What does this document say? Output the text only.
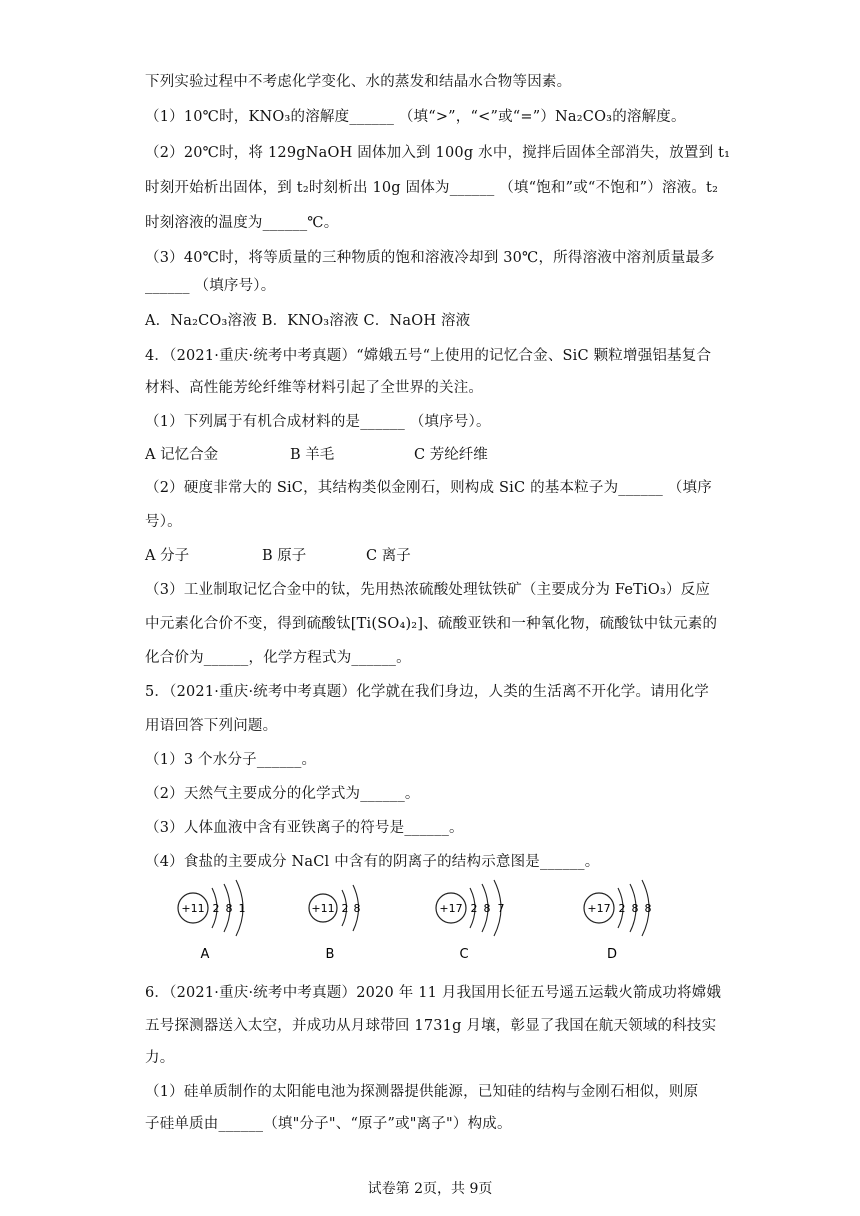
下列实验过程中不考虑化学变化、水的蒸发和结晶水合物等因素。
（1）10℃时，KNO₃的溶解度______ （填“>”，“<”或“=”）Na₂CO₃的溶解度。
（2）20℃时，将 129gNaOH 固体加入到 100g 水中，搅拌后固体全部消失，放置到 t₁
时刻开始析出固体，到 t₂时刻析出 10g 固体为______ （填“饱和”或“不饱和”）溶液。t₂
时刻溶液的温度为______℃。
（3）40℃时，将等质量的三种物质的饱和溶液冷却到 30℃，所得溶液中溶剂质量最多
______ （填序号）。
A．Na₂CO₃溶液 B．KNO₃溶液 C．NaOH 溶液
4．（2021·重庆·统考中考真题）“嫦娥五号“上使用的记忆合金、SiC 颗粒增强铝基复合
材料、高性能芳纶纤维等材料引起了全世界的关注。
（1）下列属于有机合成材料的是______ （填序号）。
A 记忆合金	B 羊毛	C 芳纶纤维
（2）硬度非常大的 SiC，其结构类似金刚石，则构成 SiC 的基本粒子为______ （填序
号）。
A 分子	B 原子	C 离子
（3）工业制取记忆合金中的钛，先用热浓硫酸处理钛铁矿（主要成分为 FeTiO₃）反应
中元素化合价不变，得到硫酸钛[Ti(SO₄)₂]、硫酸亚铁和一种氧化物，硫酸钛中钛元素的
化合价为______，化学方程式为______。
5．（2021·重庆·统考中考真题）化学就在我们身边，人类的生活离不开化学。请用化学
用语回答下列问题。
（1）3 个水分子______。
（2）天然气主要成分的化学式为______。
（3）人体血液中含有亚铁离子的符号是______。
（4）食盐的主要成分 NaCl 中含有的阴离子的结构示意图是______。
+11 2 8 1
A
+11 2 8
B
+17 2 8 7
C
+17 2 8 8
D
6．（2021·重庆·统考中考真题）2020 年 11 月我国用长征五号遥五运载火箭成功将嫦娥
五号探测器送入太空，并成功从月球带回 1731g 月壤，彰显了我国在航天领域的科技实
力。
（1）硅单质制作的太阳能电池为探测器提供能源，已知硅的结构与金刚石相似，则原
子硅单质由______（填"分子"、“原子”或"离子"）构成。
试卷第 2页，共 9页
